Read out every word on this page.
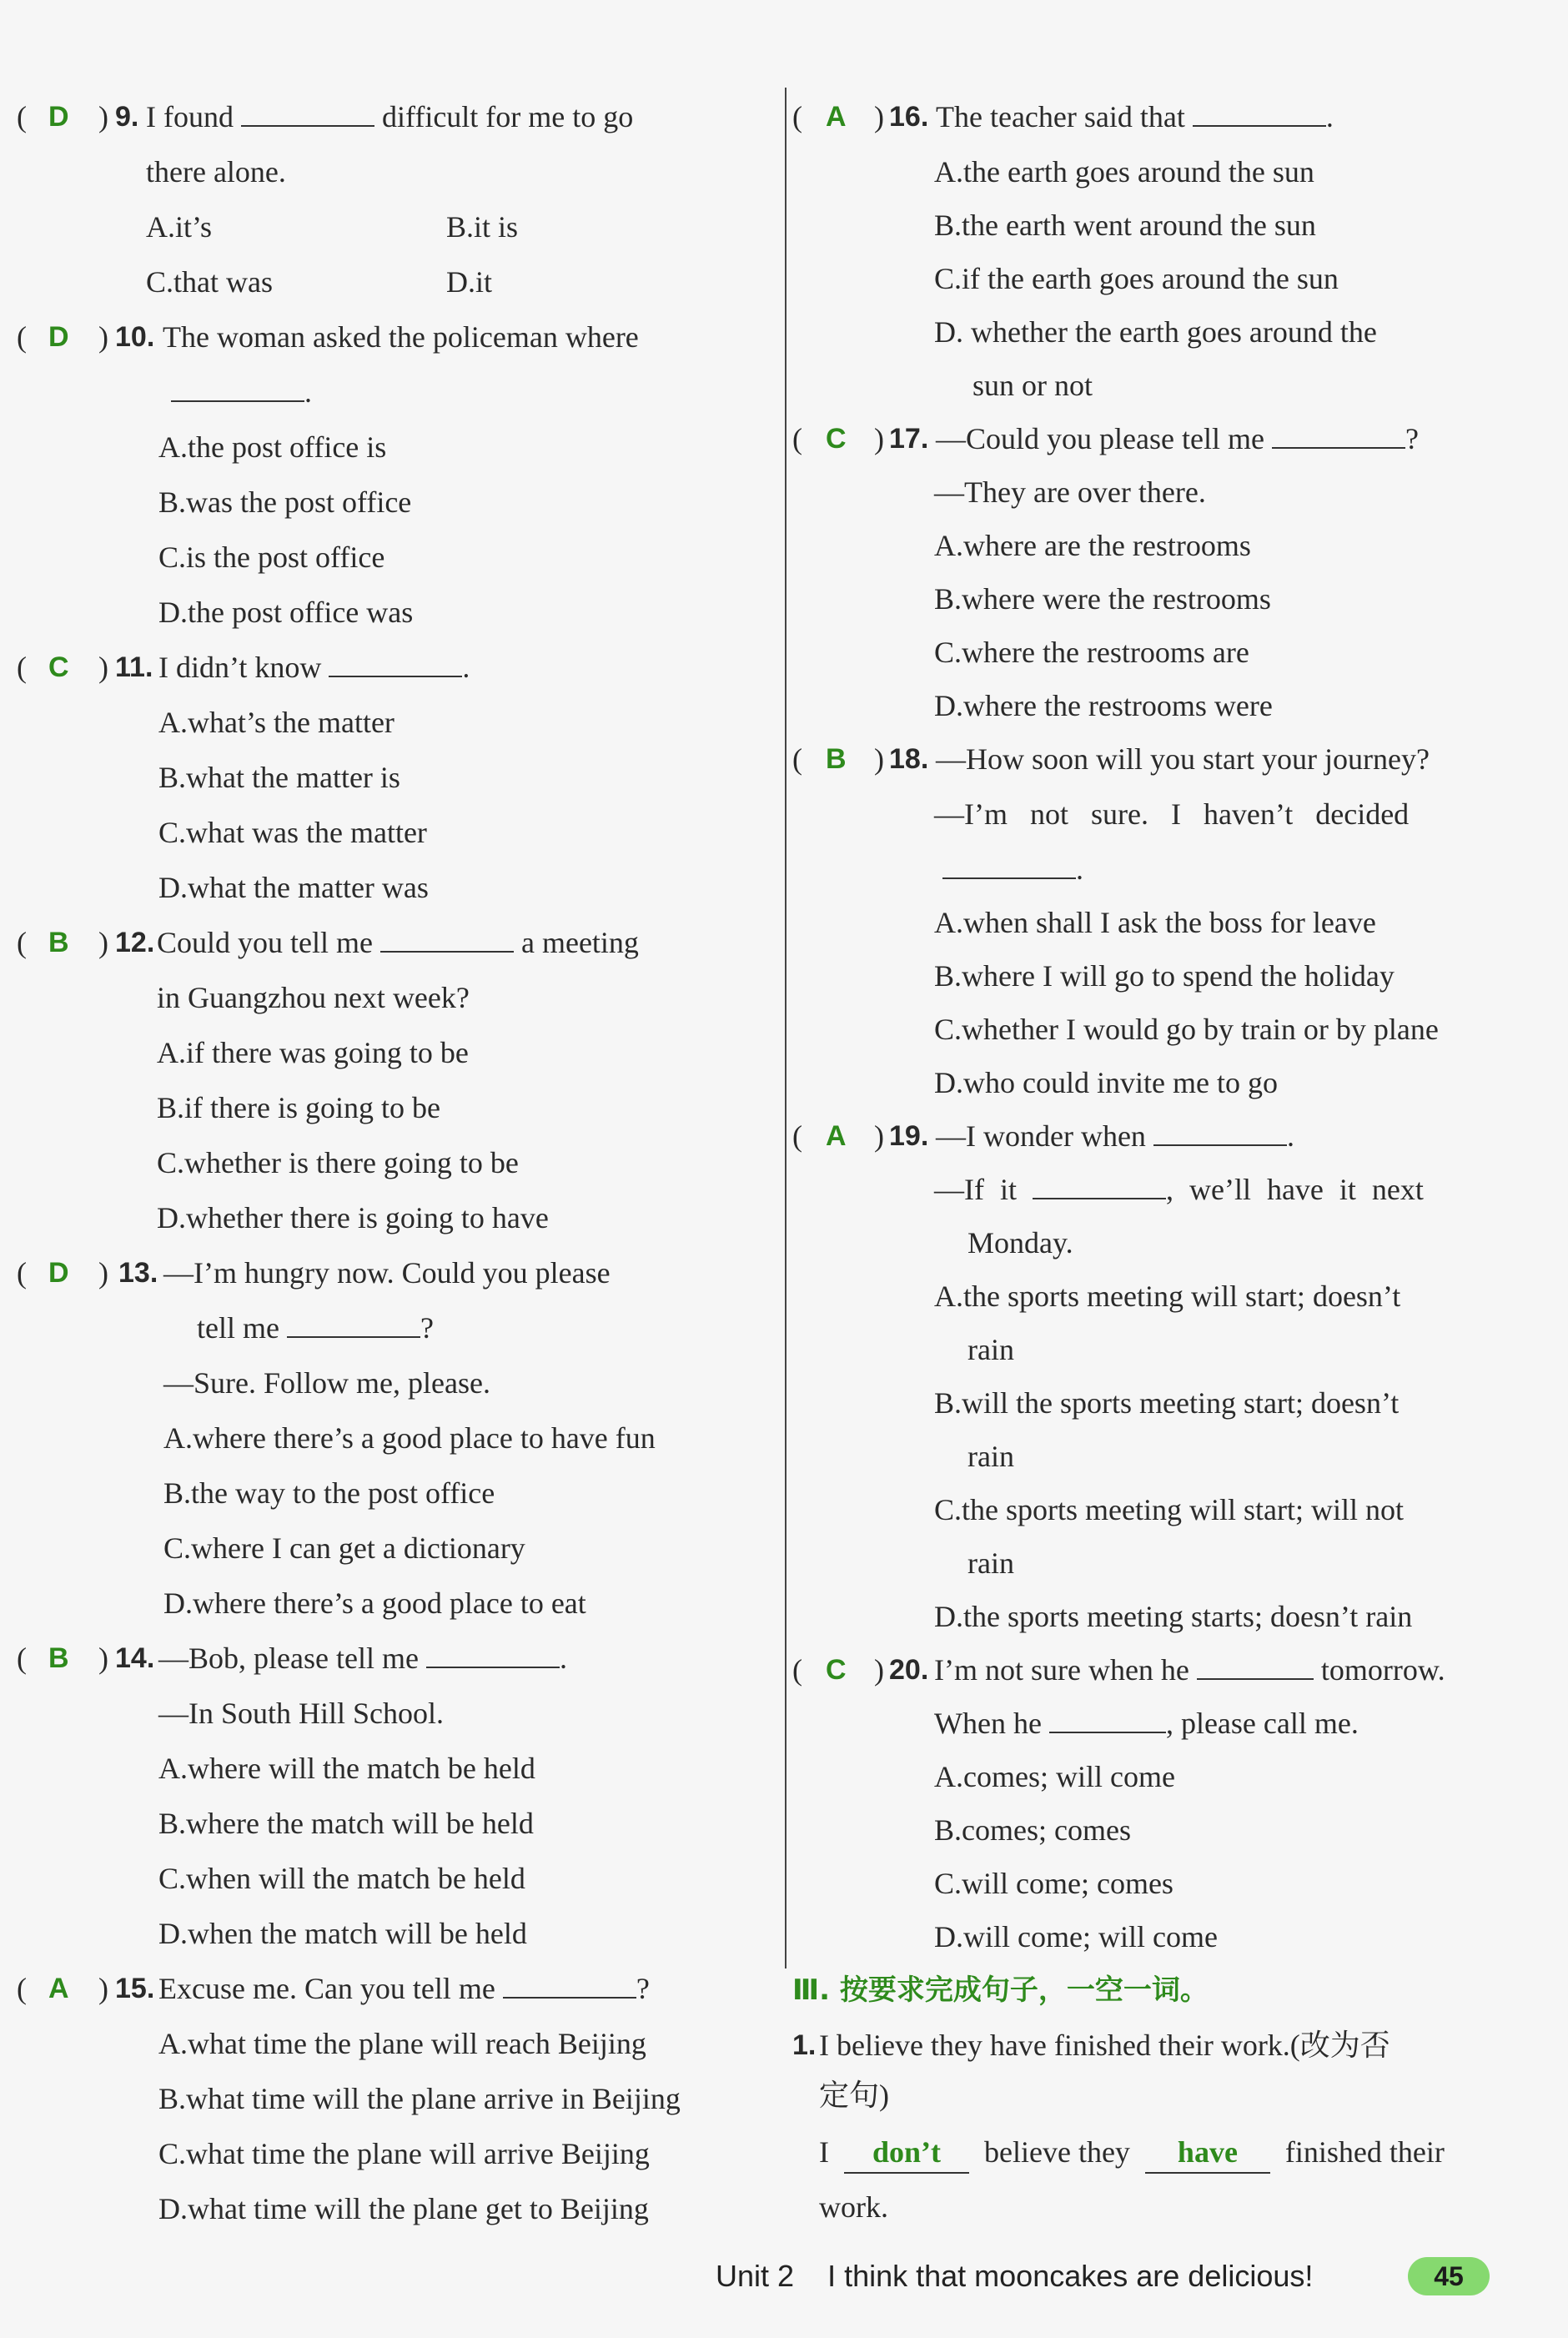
( D ) 9. I found	difficult for me to go
there alone.
A.it’s	B.it is
C.that was	D.it
( D ) 10. The woman asked the policeman where
.
A.the post office is
B.was the post office
C.is the post office
D.the post office was
( C ) 11. I didn’t know	.
A.what’s the matter
B.what the matter is
C.what was the matter
D.what the matter was
( B ) 12. Could you tell me	a meeting
in Guangzhou next week?
A.if there was going to be
B.if there is going to be
C.whether is there going to be
D.whether there is going to have
( D ) 13. —I’m hungry now. Could you please
tell me	?
—Sure. Follow me, please.
A.where there’s a good place to have fun
B.the way to the post office
C.where I can get a dictionary
D.where there’s a good place to eat
( B ) 14. —Bob, please tell me	.
—In South Hill School.
A.where will the match be held
B.where the match will be held
C.when will the match be held
D.when the match will be held
( A ) 15. Excuse me. Can you tell me	?
A.what time the plane will reach Beijing
B.what time will the plane arrive in Beijing
C.what time the plane will arrive Beijing
D.what time will the plane get to Beijing
( A ) 16. The teacher said that	.
A.the earth goes around the sun
B.the earth went around the sun
C.if the earth goes around the sun
D. whether the earth goes around the
sun or not
( C ) 17. —Could you please tell me	?
—They are over there.
A.where are the restrooms
B.where were the restrooms
C.where the restrooms are
D.where the restrooms were
( B ) 18. —How soon will you start your journey?
—I’m not sure. I haven’t decided
.
A.when shall I ask the boss for leave
B.where I will go to spend the holiday
C.whether I would go by train or by plane
D.who could invite me to go
( A ) 19. —I wonder when	.
—If it	, we’ll have it next
Monday.
A.the sports meeting will start; doesn’t
rain
B.will the sports meeting start; doesn’t
rain
C.the sports meeting will start; will not
rain
D.the sports meeting starts; doesn’t rain
( C ) 20. I’m not sure when he	tomorrow.
When he	, please call me.
A.comes; will come
B.comes; comes
C.will come; comes
D.will come; will come
Ⅲ. 按要求完成句子，一空一词。
1. I believe they have finished their work.(改为否
定句)
I don’t believe they have finished their
work.
Unit 2 I think that mooncakes are delicious!	45
